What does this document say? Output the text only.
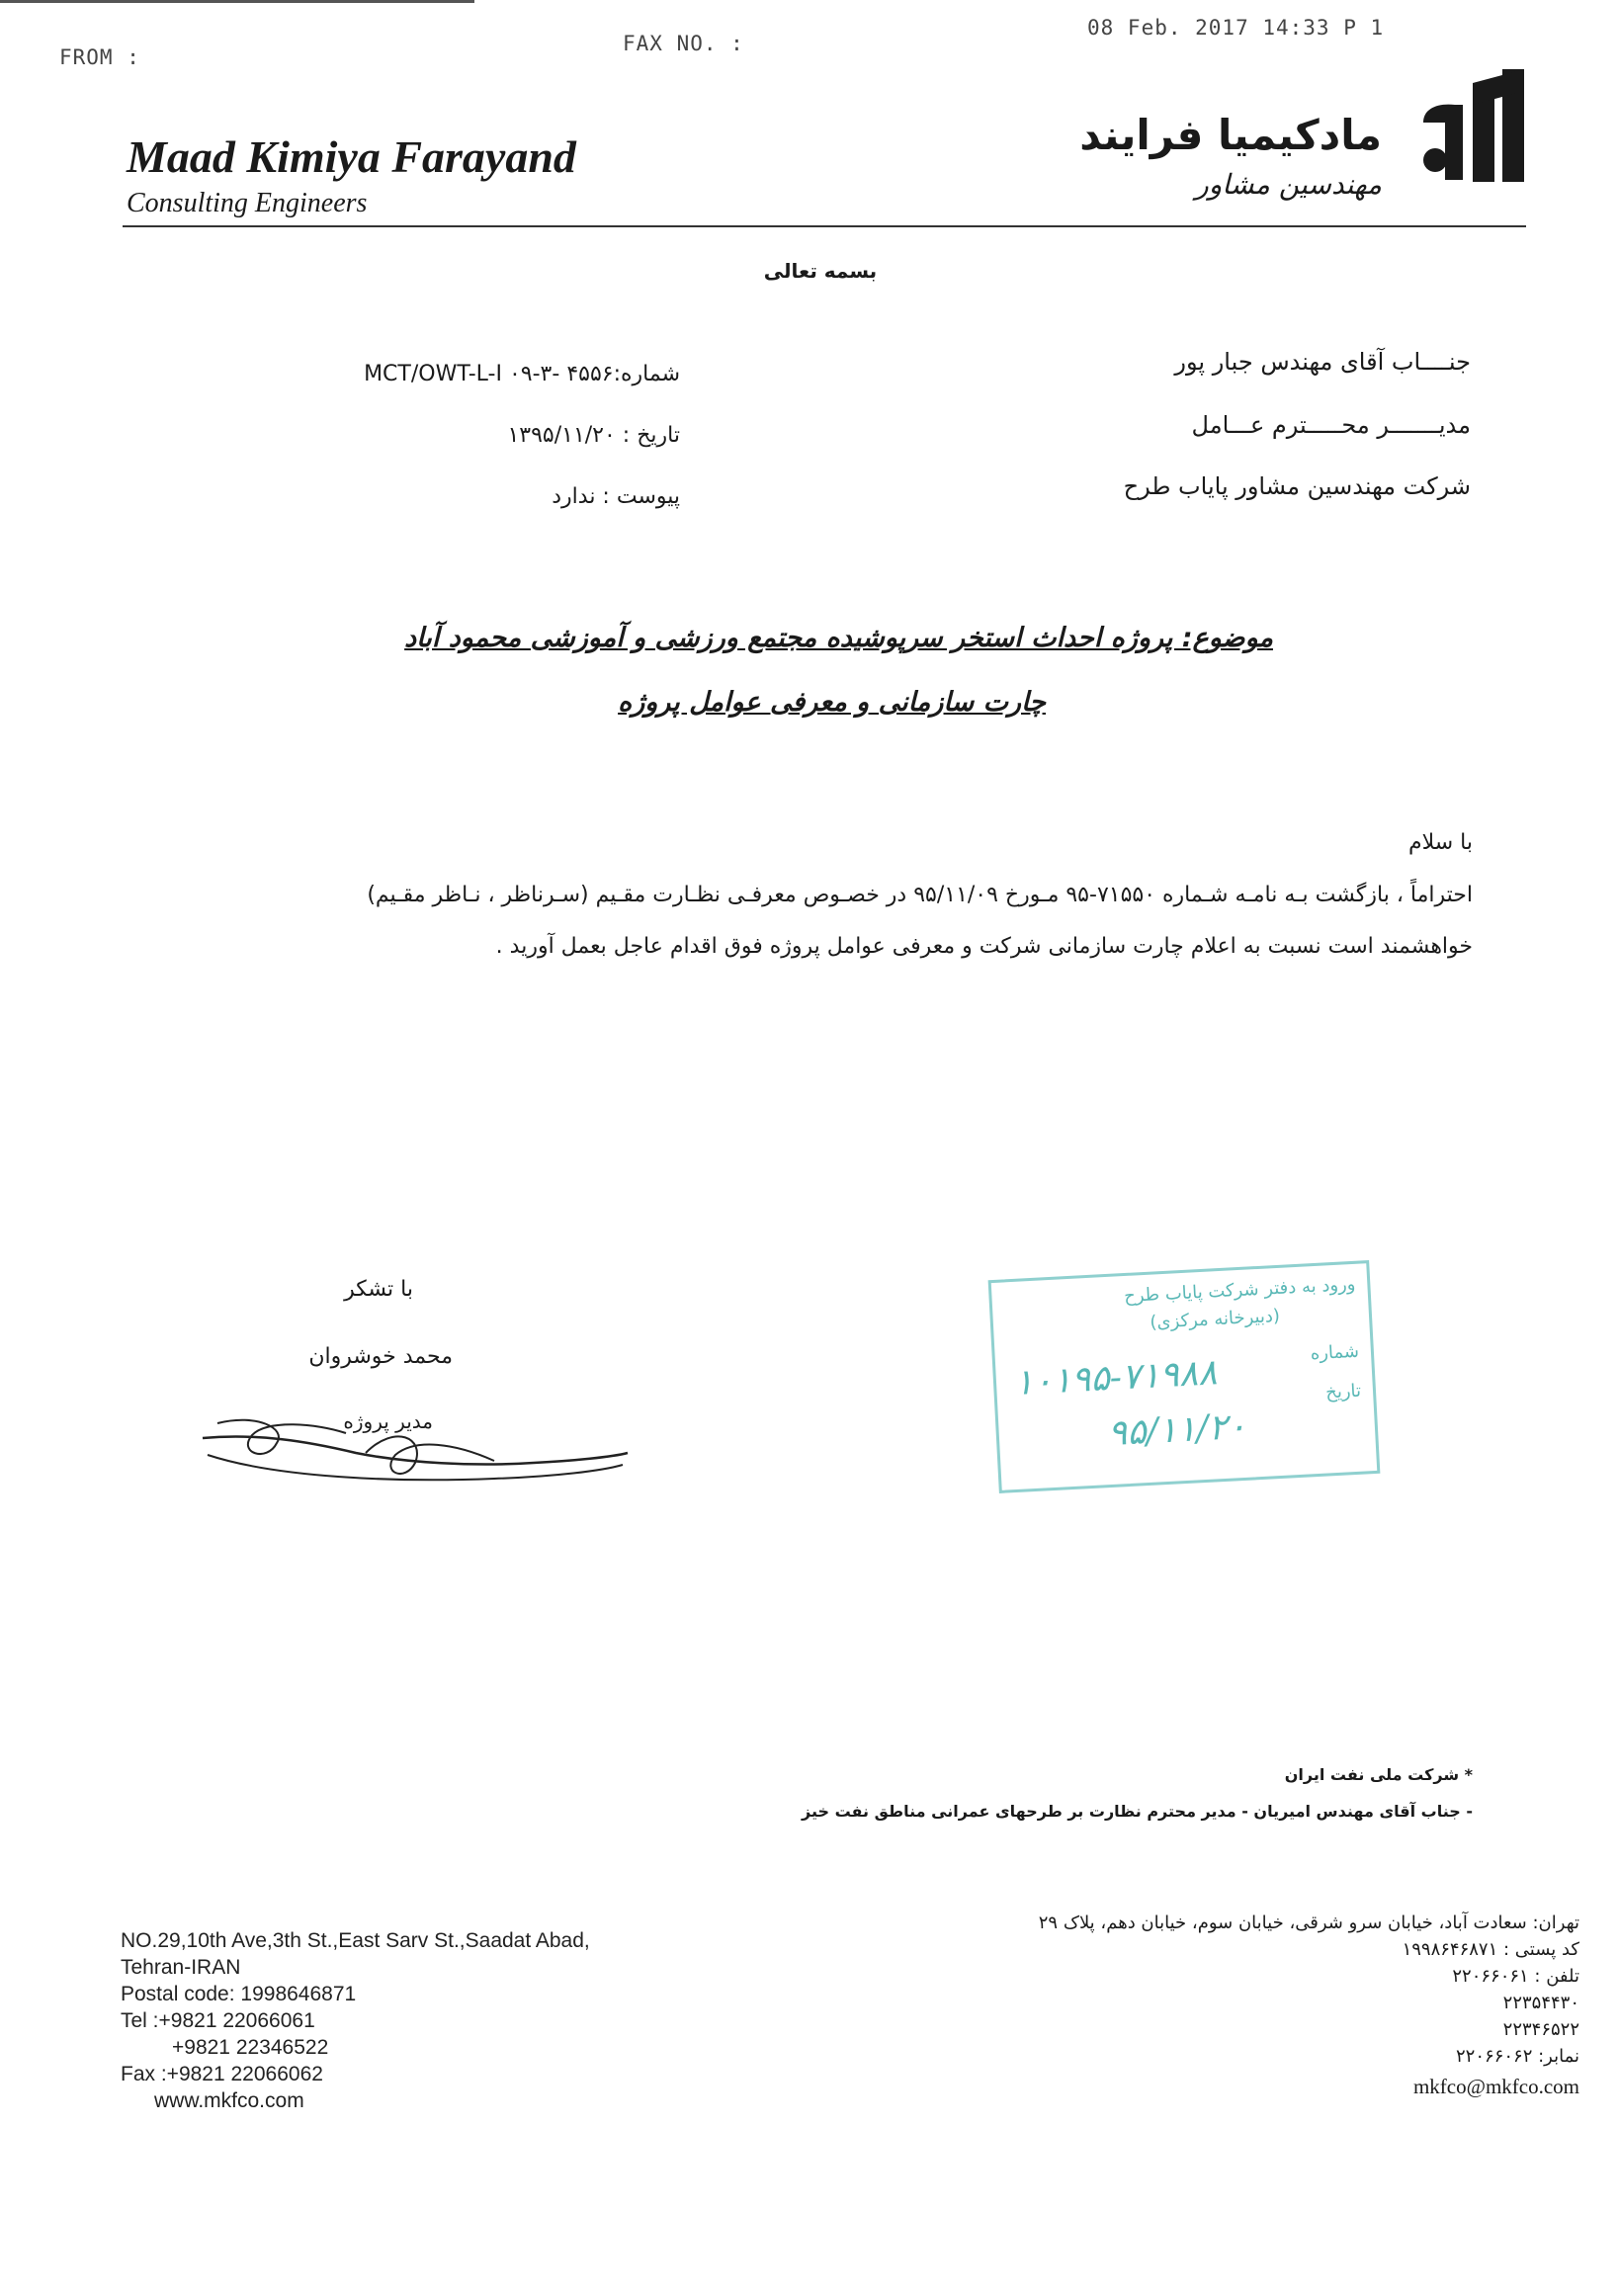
FROM :
FAX NO. :
08 Feb. 2017 14:33 P 1
Maad Kimiya Farayand
Consulting Engineers
مادکیمیا فرایند
مهندسین مشاور
بسمه تعالی
جنــــاب آقای مهندس جبار پور
مدیـــــــر محـــــترم عـــامل
شرکت مهندسین مشاور پایاب طرح
شماره:۴۵۵۶ -MCT/OWT-L-I ۰۹-۳
تاریخ : ۱۳۹۵/۱۱/۲۰
پیوست : ندارد
موضوع: پروژه احداث استخر سرپوشیده مجتمع ورزشی و آموزشی محمود آباد
چارت سازمانی و معرفی عوامل پروژه
با سلام
احتراماً ، بازگشت بـه نامـه شـماره ۷۱۵۵۰-۹۵ مـورخ ۹۵/۱۱/۰۹ در خصـوص معرفـی نظـارت مقـیم (سـرناظر ، نـاظر مقـیم)
خواهشمند است نسبت به اعلام چارت سازمانی شرکت و معرفی عوامل پروژه فوق اقدام عاجل بعمل آورید .
با تشکر
محمد خوشروان
مدیر پروژه
ورود به دفتر شرکت پایاب طرح
(دبیرخانه مرکزی)
شماره
تاریخ
۱۰۱۹۵-۷۱۹۸۸
۹۵/۱۱/۲۰
* شرکت ملی نفت ایران
- جناب آقای مهندس امیریان - مدیر محترم نظارت بر طرحهای عمرانی مناطق نفت خیز
NO.29,10th Ave,3th St.,East Sarv St.,Saadat Abad,
Tehran-IRAN
Postal code: 1998646871
Tel :+9821 22066061
+9821 22346522
Fax :+9821 22066062
www.mkfco.com
تهران: سعادت آباد، خیابان سرو شرقی، خیابان سوم، خیابان دهم، پلاک ۲۹
کد پستی : ۱۹۹۸۶۴۶۸۷۱
تلفن : ۲۲۰۶۶۰۶۱
۲۲۳۵۴۴۳۰
۲۲۳۴۶۵۲۲
نمابر: ۲۲۰۶۶۰۶۲
mkfco@mkfco.com
